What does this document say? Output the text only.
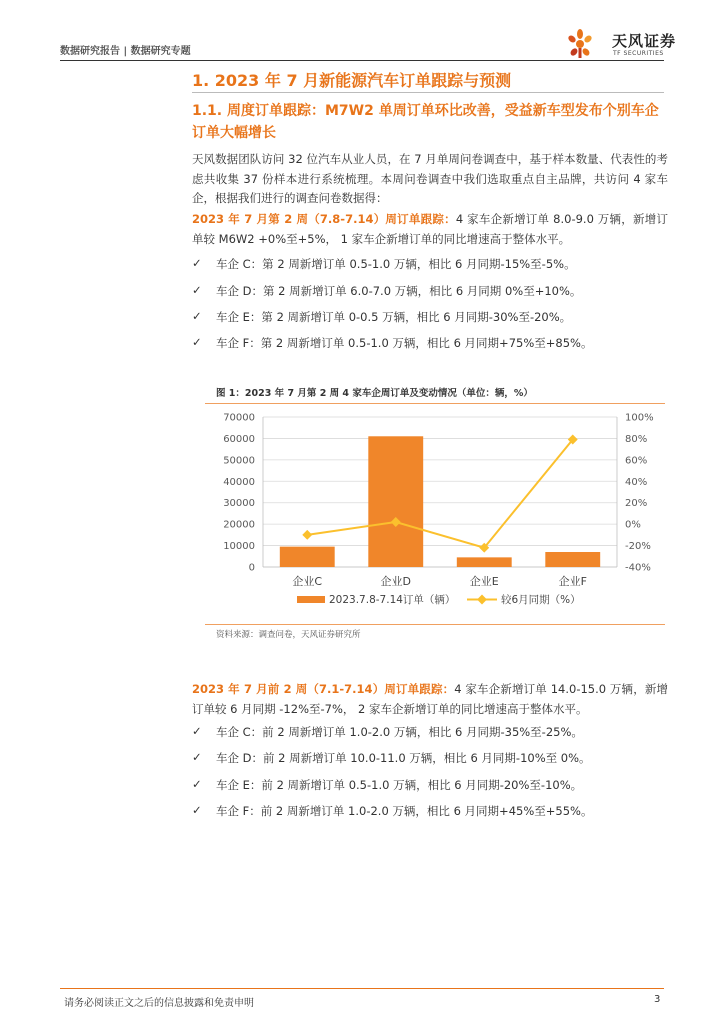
数据研究报告 | 数据研究专题
天风证券
TF SECURITIES
1. 2023 年 7 月新能源汽车订单跟踪与预测
1.1. 周度订单跟踪：M7W2 单周订单环比改善，受益新车型发布个别车企订单大幅增长
天风数据团队访问 32 位汽车从业人员，在 7 月单周问卷调查中，基于样本数量、代表性的考虑共收集 37 份样本进行系统梳理。本周问卷调查中我们选取重点自主品牌，共访问 4 家车企，根据我们进行的调查问卷数据得：
2023 年 7 月第 2 周（7.8-7.14）周订单跟踪：4 家车企新增订单 8.0-9.0 万辆，新增订单较 M6W2 +0%至+5%， 1 家车企新增订单的同比增速高于整体水平。
✓ 车企 C：第 2 周新增订单 0.5-1.0 万辆，相比 6 月同期-15%至-5%。
✓ 车企 D：第 2 周新增订单 6.0-7.0 万辆，相比 6 月同期 0%至+10%。
✓ 车企 E：第 2 周新增订单 0-0.5 万辆，相比 6 月同期-30%至-20%。
✓ 车企 F：第 2 周新增订单 0.5-1.0 万辆，相比 6 月同期+75%至+85%。
图 1：2023 年 7 月第 2 周 4 家车企周订单及变动情况（单位：辆，%）
0
10000
20000
30000
40000
50000
60000
70000
-40%
-20%
0%
20%
40%
60%
80%
100%
企业C	企业D	企业E	企业F
2023.7.8-7.14订单（辆）	较6月同期（%）
资料来源：调查问卷，天风证券研究所
2023 年 7 月前 2 周（7.1-7.14）周订单跟踪：4 家车企新增订单 14.0-15.0 万辆，新增订单较 6 月同期 -12%至-7%， 2 家车企新增订单的同比增速高于整体水平。
✓ 车企 C：前 2 周新增订单 1.0-2.0 万辆，相比 6 月同期-35%至-25%。
✓ 车企 D：前 2 周新增订单 10.0-11.0 万辆，相比 6 月同期-10%至 0%。
✓ 车企 E：前 2 周新增订单 0.5-1.0 万辆，相比 6 月同期-20%至-10%。
✓ 车企 F：前 2 周新增订单 1.0-2.0 万辆，相比 6 月同期+45%至+55%。
请务必阅读正文之后的信息披露和免责申明	3
